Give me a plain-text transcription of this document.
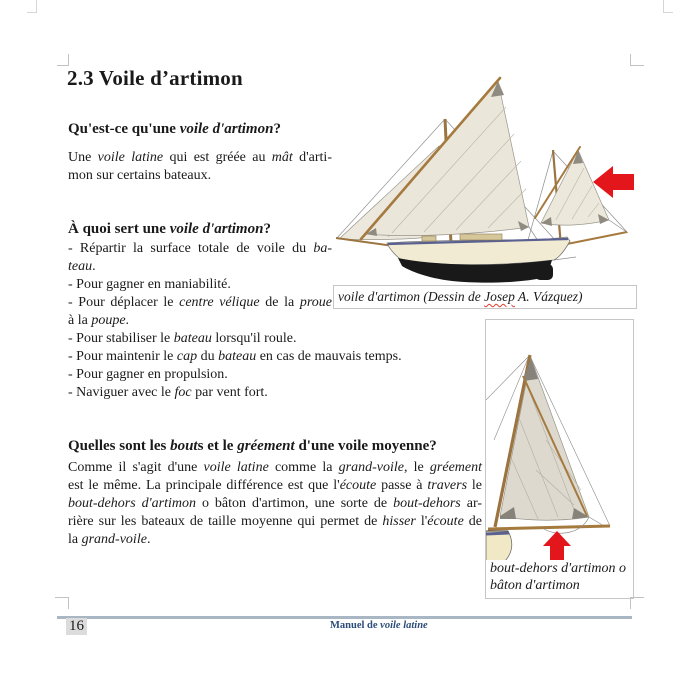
2.3 Voile d’artimon
Qu'est-ce qu'une voile d'artimon?
Une voile latine qui est gréée au mât d'arti-
mon sur certains bateaux.
À quoi sert une voile d'artimon?
- Répartir la surface totale de voile du ba-
teau.
- Pour gagner en maniabilité.
- Pour déplacer le centre vélique de la proue
à la poupe.
- Pour stabiliser le bateau lorsqu'il roule.
- Pour maintenir le cap du bateau en cas de mauvais temps.
- Pour gagner en propulsion.
- Naviguer avec le foc par vent fort.
Quelles sont les bouts et le gréement d'une voile moyenne?
Comme il s'agit d'une voile latine comme la grand-voile, le gréement
est le même. La principale différence est que l'écoute passe à travers le
bout-dehors d'artimon o bâton d'artimon, une sorte de bout-dehors ar-
rière sur les bateaux de taille moyenne qui permet de hisser l'écoute de
la grand-voile.
voile d'artimon (Dessin de Josep A. Vázquez)
bout-dehors d'artimon o
bâton d'artimon
16	Manuel de voile latine
